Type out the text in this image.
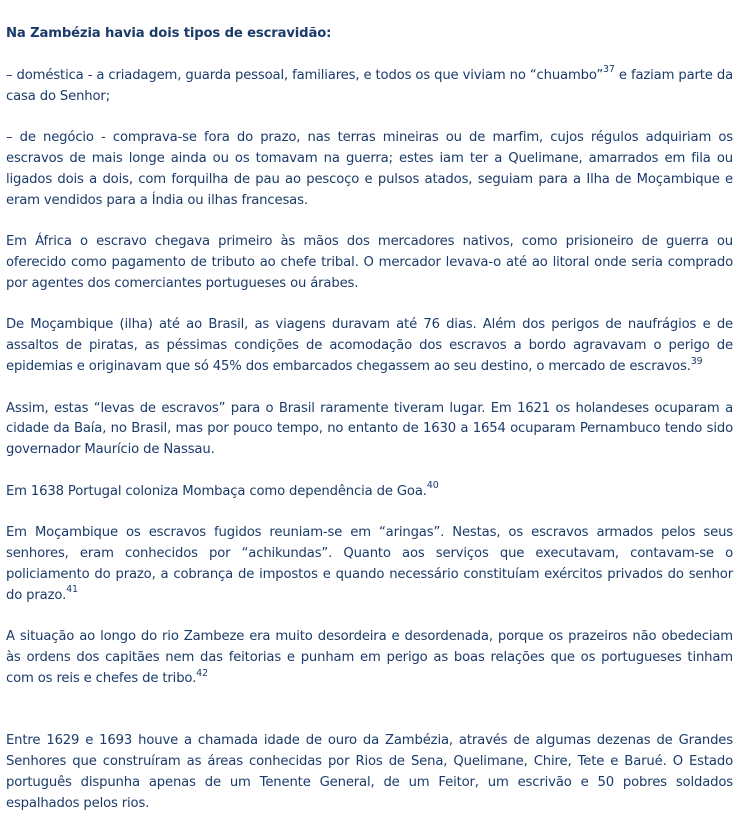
Na Zambézia havia dois tipos de escravidão:

– doméstica - a criadagem, guarda pessoal, familiares, e todos os que viviam no “chuambo”$^{37}$ e faziam parte da casa do Senhor;

– de negócio - comprava-se fora do prazo, nas terras mineiras ou de marfim, cujos régulos adquiriam os escravos de mais longe ainda ou os tomavam na guerra; estes iam ter a Quelimane, amarrados em fila ou ligados dois a dois, com forquilha de pau ao pescoço e pulsos atados, seguiam para a Ilha de Moçambique e eram vendidos para a Índia ou ilhas francesas.

Em África o escravo chegava primeiro às mãos dos mercadores nativos, como prisioneiro de guerra ou oferecido como pagamento de tributo ao chefe tribal. O mercador levava-o até ao litoral onde seria comprado por agentes dos comerciantes portugueses ou árabes.

De Moçambique (ilha) até ao Brasil, as viagens duravam até 76 dias. Além dos perigos de naufrágios e de assaltos de piratas, as péssimas condições de acomodação dos escravos a bordo agravavam o perigo de epidemias e originavam que só 45% dos embarcados chegassem ao seu destino, o mercado de escravos.$^{39}$

Assim, estas “levas de escravos” para o Brasil raramente tiveram lugar. Em 1621 os holandeses ocuparam a cidade da Baía, no Brasil, mas por pouco tempo, no entanto de 1630 a 1654 ocuparam Pernambuco tendo sido governador Maurício de Nassau.

Em 1638 Portugal coloniza Mombaça como dependência de Goa.$^{40}$

Em Moçambique os escravos fugidos reuniam-se em “aringas”. Nestas, os escravos armados pelos seus senhores, eram conhecidos por “achikundas”. Quanto aos serviços que executavam, contavam-se o policiamento do prazo, a cobrança de impostos e quando necessário constituíam exércitos privados do senhor do prazo.$^{41}$

A situação ao longo do rio Zambeze era muito desordeira e desordenada, porque os prazeiros não obedeciam às ordens dos capitães nem das feitorias e punham em perigo as boas relações que os portugueses tinham com os reis e chefes de tribo.$^{42}$

Entre 1629 e 1693 houve a chamada idade de ouro da Zambézia, através de algumas dezenas de Grandes Senhores que construíram as áreas conhecidas por Rios de Sena, Quelimane, Chire, Tete e Barué. O Estado português dispunha apenas de um Tenente General, de um Feitor, um escrivão e 50 pobres soldados espalhados pelos rios.
